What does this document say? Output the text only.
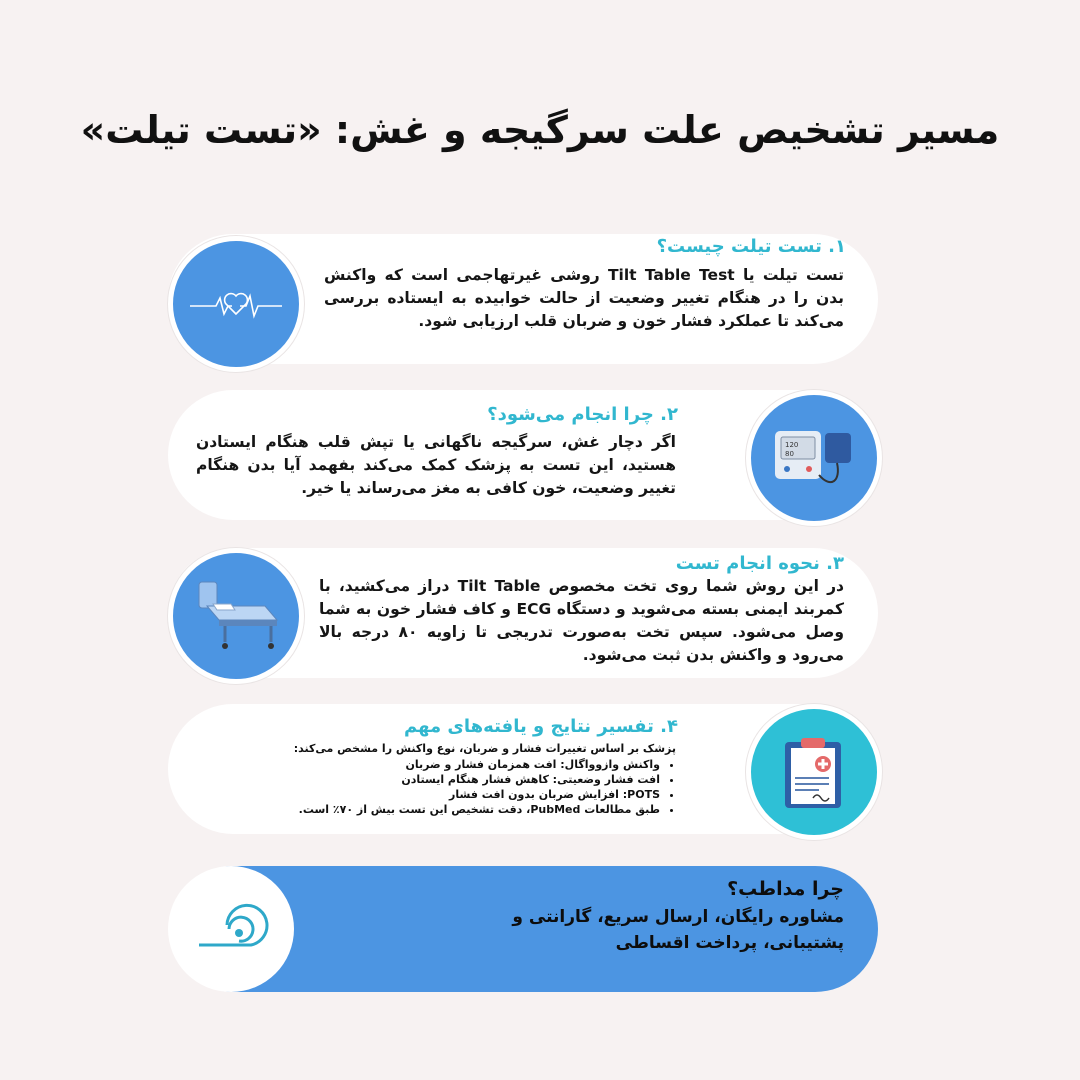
مسیر تشخیص علت سرگیجه و غش: «تست تیلت»
۱. تست تیلت چیست؟
تست تیلت یا Tilt Table Test روشی غیرتهاجمی است که واکنش بدن را در هنگام تغییر وضعیت از حالت خوابیده به ایستاده بررسی می‌کند تا عملکرد فشار خون و ضربان قلب ارزیابی شود.
120
80
۲. چرا انجام می‌شود؟
اگر دچار غش، سرگیجه ناگهانی یا تپش قلب هنگام ایستادن هستید، این تست به پزشک کمک می‌کند بفهمد آیا بدن هنگام تغییر وضعیت، خون کافی به مغز می‌رساند یا خیر.
۳. نحوه انجام تست
در این روش شما روی تخت مخصوص Tilt Table دراز می‌کشید، با کمربند ایمنی بسته می‌شوید و دستگاه ECG و کاف فشار خون به شما وصل می‌شود. سپس تخت به‌صورت تدریجی تا زاویه ۸۰ درجه بالا می‌رود و واکنش بدن ثبت می‌شود.
۴. تفسیر نتایج و یافته‌های مهم
پزشک بر اساس تغییرات فشار و ضربان، نوع واکنش را مشخص می‌کند:
• واکنش وازوواگال: افت همزمان فشار و ضربان
• افت فشار وضعیتی: کاهش فشار هنگام ایستادن
• POTS: افزایش ضربان بدون افت فشار
• طبق مطالعات PubMed، دقت تشخیص این تست بیش از ۷۰٪ است.
چرا مداطب؟
مشاوره رایگان، ارسال سریع، گارانتی و پشتیبانی، پرداخت اقساطی
